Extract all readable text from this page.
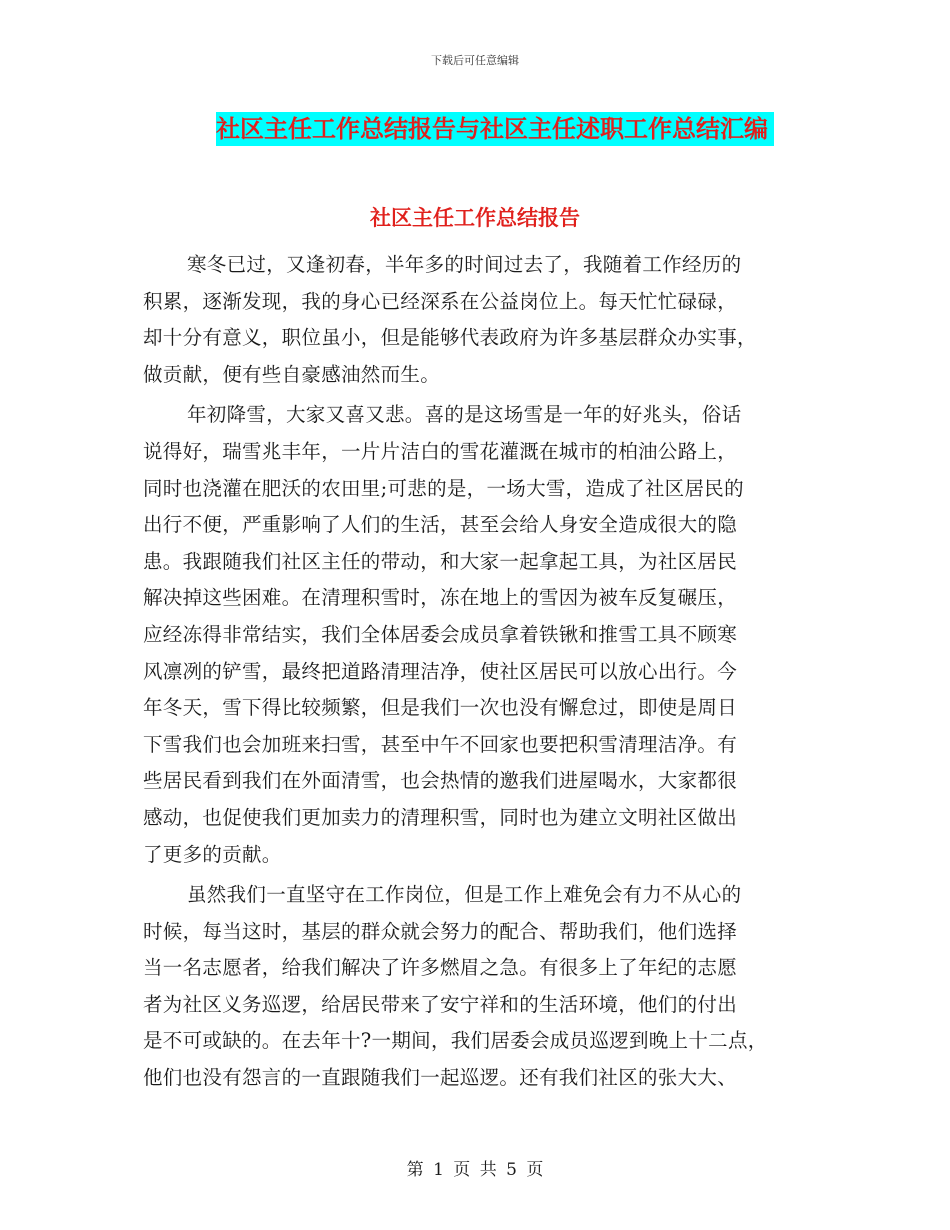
下载后可任意编辑
社区主任工作总结报告与社区主任述职工作总结汇编
社区主任工作总结报告
寒冬已过，又逢初春，半年多的时间过去了，我随着工作经历的
积累，逐渐发现，我的身心已经深系在公益岗位上。每天忙忙碌碌，
却十分有意义，职位虽小，但是能够代表政府为许多基层群众办实事，
做贡献，便有些自豪感油然而生。
年初降雪，大家又喜又悲。喜的是这场雪是一年的好兆头，俗话
说得好，瑞雪兆丰年，一片片洁白的雪花灌溉在城市的柏油公路上，
同时也浇灌在肥沃的农田里;可悲的是，一场大雪，造成了社区居民的
出行不便，严重影响了人们的生活，甚至会给人身安全造成很大的隐
患。我跟随我们社区主任的带动，和大家一起拿起工具，为社区居民
解决掉这些困难。在清理积雪时，冻在地上的雪因为被车反复碾压，
应经冻得非常结实，我们全体居委会成员拿着铁锹和推雪工具不顾寒
风凛冽的铲雪，最终把道路清理洁净，使社区居民可以放心出行。今
年冬天，雪下得比较频繁，但是我们一次也没有懈怠过，即使是周日
下雪我们也会加班来扫雪，甚至中午不回家也要把积雪清理洁净。有
些居民看到我们在外面清雪，也会热情的邀我们进屋喝水，大家都很
感动，也促使我们更加卖力的清理积雪，同时也为建立文明社区做出
了更多的贡献。
虽然我们一直坚守在工作岗位，但是工作上难免会有力不从心的
时候，每当这时，基层的群众就会努力的配合、帮助我们，他们选择
当一名志愿者，给我们解决了许多燃眉之急。有很多上了年纪的志愿
者为社区义务巡逻，给居民带来了安宁祥和的生活环境，他们的付出
是不可或缺的。在去年十?一期间，我们居委会成员巡逻到晚上十二点，
他们也没有怨言的一直跟随我们一起巡逻。还有我们社区的张大大、
第 1 页 共 5 页
